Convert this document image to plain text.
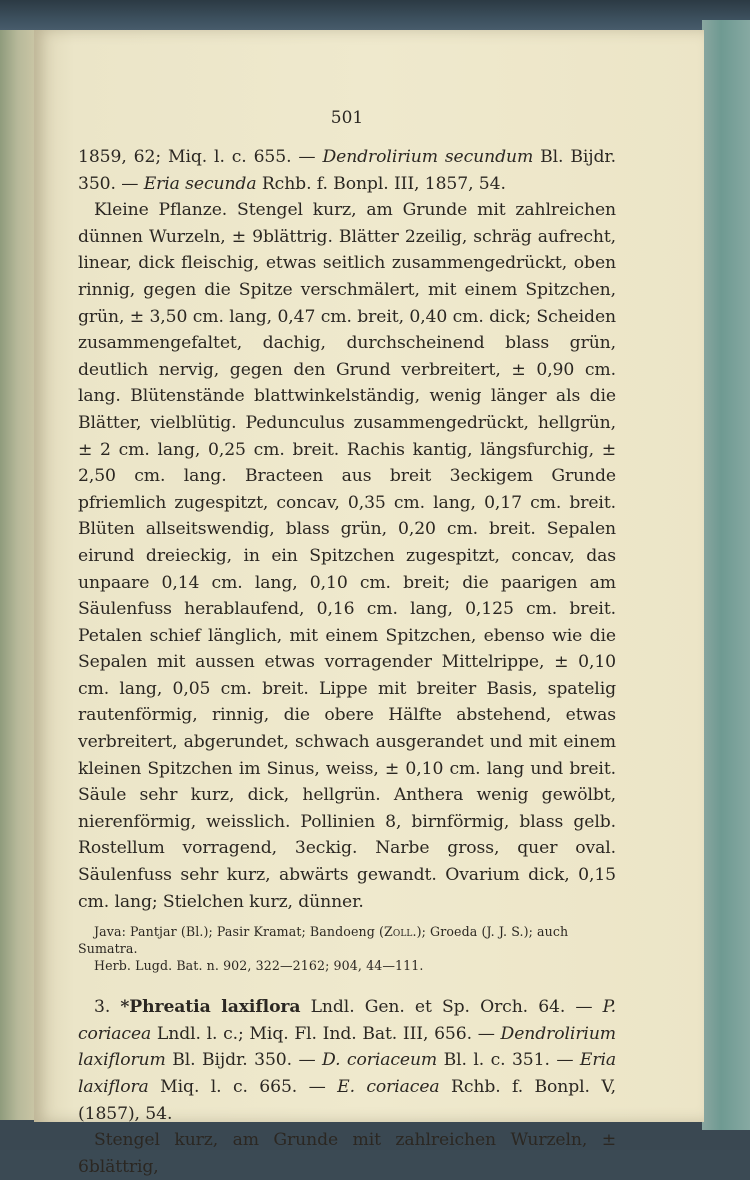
501

1859, 62; Miq. l. c. 655. — Dendrolirium secundum Bl. Bijdr. 350. — Eria secunda Rchb. f. Bonpl. III, 1857, 54.

Kleine Pflanze. Stengel kurz, am Grunde mit zahlreichen dünnen Wurzeln, ± 9blättrig. Blätter 2zeilig, schräg aufrecht, linear, dick fleischig, etwas seitlich zusammengedrückt, oben rinnig, gegen die Spitze verschmälert, mit einem Spitzchen, grün, ± 3,50 cm. lang, 0,47 cm. breit, 0,40 cm. dick; Scheiden zusammengefaltet, dachig, durchscheinend blass grün, deutlich nervig, gegen den Grund verbreitert, ± 0,90 cm. lang. Blütenstände blattwinkelständig, wenig länger als die Blätter, vielblütig. Pedunculus zusammengedrückt, hellgrün, ± 2 cm. lang, 0,25 cm. breit. Rachis kantig, längsfurchig, ± 2,50 cm. lang. Bracteen aus breit 3eckigem Grunde pfriemlich zugespitzt, concav, 0,35 cm. lang, 0,17 cm. breit. Blüten allseitswendig, blass grün, 0,20 cm. breit. Sepalen eirund dreieckig, in ein Spitzchen zugespitzt, concav, das unpaare 0,14 cm. lang, 0,10 cm. breit; die paarigen am Säulenfuss herablaufend, 0,16 cm. lang, 0,125 cm. breit. Petalen schief länglich, mit einem Spitzchen, ebenso wie die Sepalen mit aussen etwas vorragender Mittelrippe, ± 0,10 cm. lang, 0,05 cm. breit. Lippe mit breiter Basis, spatelig rautenförmig, rinnig, die obere Hälfte abstehend, etwas verbreitert, abgerundet, schwach ausgerandet und mit einem kleinen Spitzchen im Sinus, weiss, ± 0,10 cm. lang und breit. Säule sehr kurz, dick, hellgrün. Anthera wenig gewölbt, nierenförmig, weisslich. Pollinien 8, birnförmig, blass gelb. Rostellum vorragend, 3eckig. Narbe gross, quer oval. Säulenfuss sehr kurz, abwärts gewandt. Ovarium dick, 0,15 cm. lang; Stielchen kurz, dünner.

Java: Pantjar (Bl.); Pasir Kramat; Bandoeng (Zoll.); Groeda (J. J. S.); auch Sumatra.

Herb. Lugd. Bat. n. 902, 322—2162; 904, 44—111.

3. *Phreatia laxiflora Lndl. Gen. et Sp. Orch. 64. — P. coriacea Lndl. l. c.; Miq. Fl. Ind. Bat. III, 656. — Dendrolirium laxiflorum Bl. Bijdr. 350. — D. coriaceum Bl. l. c. 351. — Eria laxiflora Miq. l. c. 665. — E. coriacea Rchb. f. Bonpl. V, (1857), 54.

Stengel kurz, am Grunde mit zahlreichen Wurzeln, ± 6blättrig,
